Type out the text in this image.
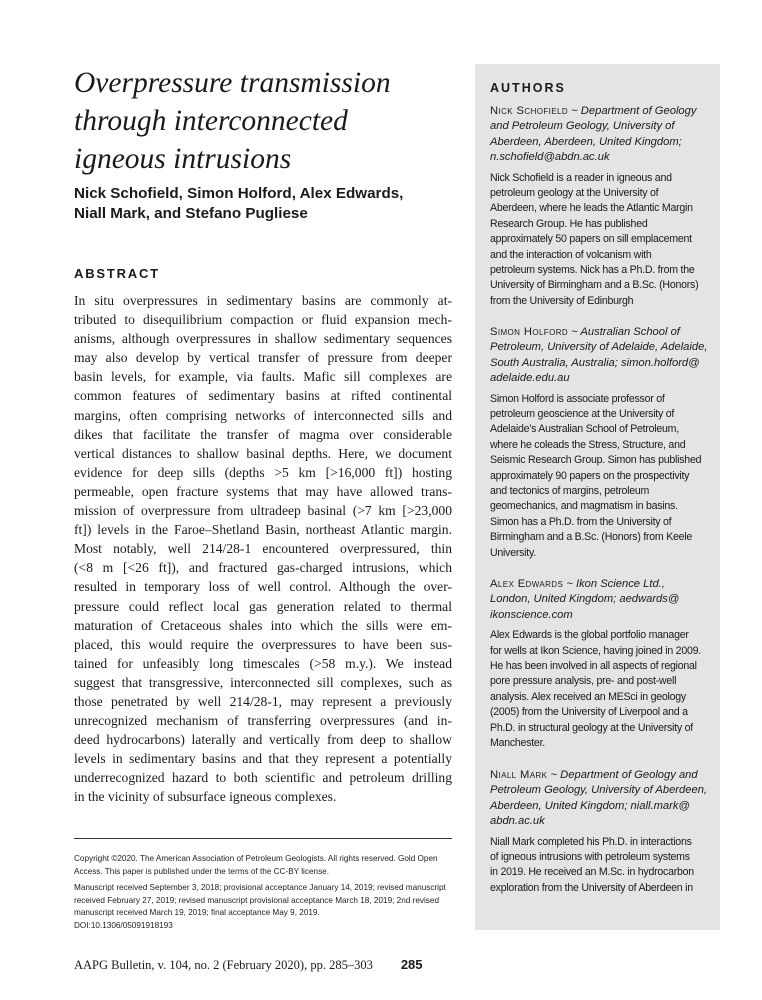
Overpressure transmission
through interconnected
igneous intrusions
Nick Schofield, Simon Holford, Alex Edwards,
Niall Mark, and Stefano Pugliese
ABSTRACT
In situ overpressures in sedimentary basins are commonly at-
tributed to disequilibrium compaction or fluid expansion mech-
anisms, although overpressures in shallow sedimentary sequences
may also develop by vertical transfer of pressure from deeper
basin levels, for example, via faults. Mafic sill complexes are
common features of sedimentary basins at rifted continental
margins, often comprising networks of interconnected sills and
dikes that facilitate the transfer of magma over considerable
vertical distances to shallow basinal depths. Here, we document
evidence for deep sills (depths >5 km [>16,000 ft]) hosting
permeable, open fracture systems that may have allowed trans-
mission of overpressure from ultradeep basinal (>7 km [>23,000
ft]) levels in the Faroe–Shetland Basin, northeast Atlantic margin.
Most notably, well 214/28-1 encountered overpressured, thin
(<8 m [<26 ft]), and fractured gas-charged intrusions, which
resulted in temporary loss of well control. Although the over-
pressure could reflect local gas generation related to thermal
maturation of Cretaceous shales into which the sills were em-
placed, this would require the overpressures to have been sus-
tained for unfeasibly long timescales (>58 m.y.). We instead
suggest that transgressive, interconnected sill complexes, such as
those penetrated by well 214/28-1, may represent a previously
unrecognized mechanism of transferring overpressures (and in-
deed hydrocarbons) laterally and vertically from deep to shallow
levels in sedimentary basins and that they represent a potentially
underrecognized hazard to both scientific and petroleum drilling
in the vicinity of subsurface igneous complexes.
Copyright ©2020. The American Association of Petroleum Geologists. All rights reserved. Gold Open
Access. This paper is published under the terms of the CC-BY license.
Manuscript received September 3, 2018; provisional acceptance January 14, 2019; revised manuscript
received February 27, 2019; revised manuscript provisional acceptance March 18, 2019; 2nd revised
manuscript received March 19, 2019; final acceptance May 9, 2019.
DOI:10.1306/05091918193
AAPG Bulletin, v. 104, no. 2 (February 2020), pp. 285–303 285
AUTHORS
Nick Schofield ~ Department of Geology
and Petroleum Geology, University of
Aberdeen, Aberdeen, United Kingdom;
n.schofield@abdn.ac.uk
Nick Schofield is a reader in igneous and
petroleum geology at the University of
Aberdeen, where he leads the Atlantic Margin
Research Group. He has published
approximately 50 papers on sill emplacement
and the interaction of volcanism with
petroleum systems. Nick has a Ph.D. from the
University of Birmingham and a B.Sc. (Honors)
from the University of Edinburgh
Simon Holford ~ Australian School of
Petroleum, University of Adelaide, Adelaide,
South Australia, Australia; simon.holford@
adelaide.edu.au
Simon Holford is associate professor of
petroleum geoscience at the University of
Adelaide’s Australian School of Petroleum,
where he coleads the Stress, Structure, and
Seismic Research Group. Simon has published
approximately 90 papers on the prospectivity
and tectonics of margins, petroleum
geomechanics, and magmatism in basins.
Simon has a Ph.D. from the University of
Birmingham and a B.Sc. (Honors) from Keele
University.
Alex Edwards ~ Ikon Science Ltd.,
London, United Kingdom; aedwards@
ikonscience.com
Alex Edwards is the global portfolio manager
for wells at Ikon Science, having joined in 2009.
He has been involved in all aspects of regional
pore pressure analysis, pre- and post-well
analysis. Alex received an MESci in geology
(2005) from the University of Liverpool and a
Ph.D. in structural geology at the University of
Manchester.
Niall Mark ~ Department of Geology and
Petroleum Geology, University of Aberdeen,
Aberdeen, United Kingdom; niall.mark@
abdn.ac.uk
Niall Mark completed his Ph.D. in interactions
of igneous intrusions with petroleum systems
in 2019. He received an M.Sc. in hydrocarbon
exploration from the University of Aberdeen in
